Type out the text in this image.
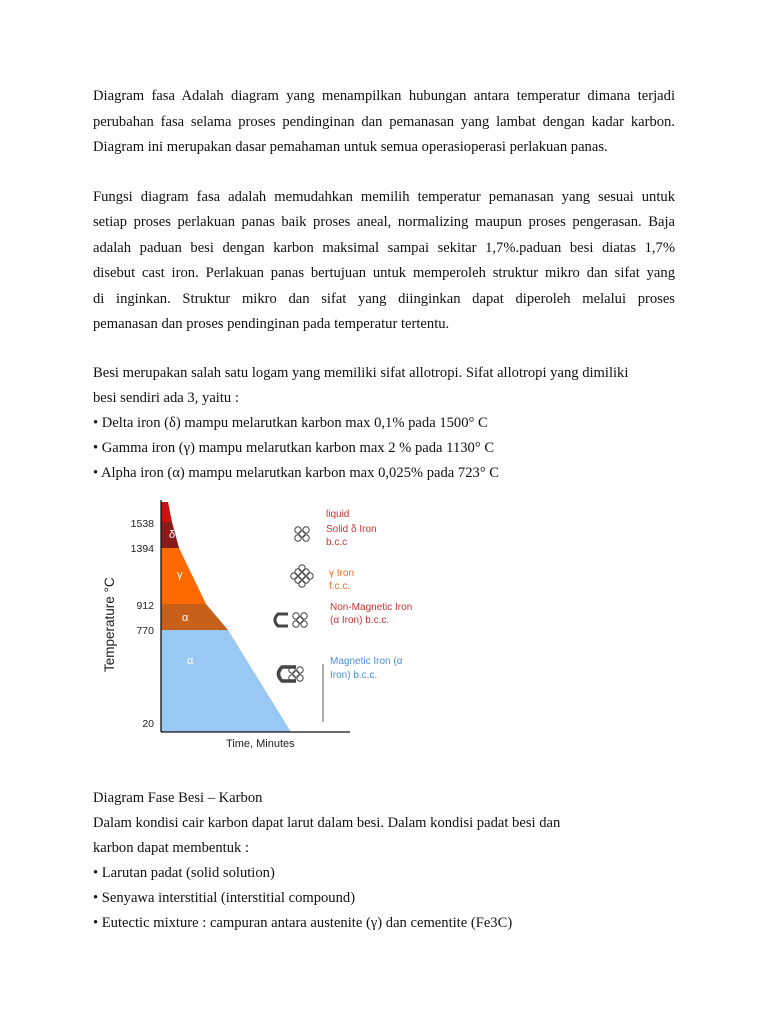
Diagram fasa Adalah diagram yang menampilkan hubungan antara temperatur dimana terjadi
perubahan fasa selama proses pendinginan dan pemanasan yang lambat dengan kadar karbon.
Diagram ini merupakan dasar pemahaman untuk semua operasioperasi perlakuan panas.
Fungsi diagram fasa adalah memudahkan memilih temperatur pemanasan yang sesuai untuk
setiap proses perlakuan panas baik proses aneal, normalizing maupun proses pengerasan. Baja
adalah paduan besi dengan karbon maksimal sampai sekitar 1,7%.paduan besi diatas 1,7%
disebut cast iron. Perlakuan panas bertujuan untuk memperoleh struktur mikro dan sifat yang
di inginkan. Struktur mikro dan sifat yang diinginkan dapat diperoleh melalui proses
pemanasan dan proses pendinginan pada temperatur tertentu.
Besi merupakan salah satu logam yang memiliki sifat allotropi. Sifat allotropi yang dimiliki
besi sendiri ada 3, yaitu :
• Delta iron (δ) mampu melarutkan karbon max 0,1% pada 1500° C
• Gamma iron (γ) mampu melarutkan karbon max 2 % pada 1130° C
• Alpha iron (α) mampu melarutkan karbon max 0,025% pada 723° C
δ
γ
α
α
1538
1394
912
770
20
Temperature °C
Time, Minutes
liquid
Solid δ Iron
b.c.c
γ Iron
f.c.c.
Non-Magnetic Iron
(α Iron) b.c.c.
Magnetic Iron (α
Iron) b.c.c.
Diagram Fase Besi – Karbon
Dalam kondisi cair karbon dapat larut dalam besi. Dalam kondisi padat besi dan
karbon dapat membentuk :
• Larutan padat (solid solution)
• Senyawa interstitial (interstitial compound)
• Eutectic mixture : campuran antara austenite (γ) dan cementite (Fe3C)
